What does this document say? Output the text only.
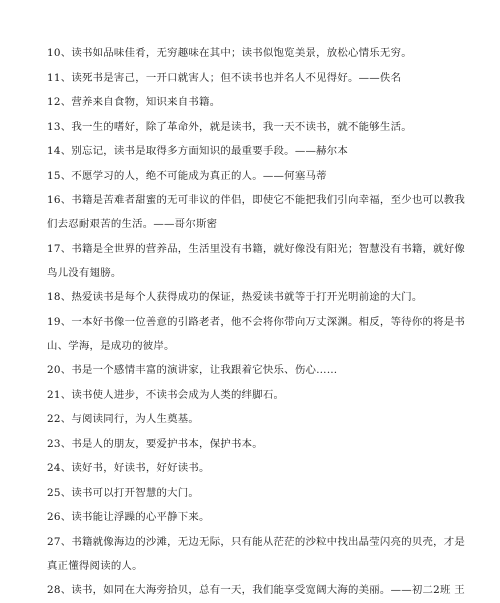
10、读书如品味佳肴，无穷趣味在其中；读书似饱览美景，放松心情乐无穷。
11、读死书是害己，一开口就害人；但不读书也并名人不见得好。——佚名
12、营养来自食物，知识来自书籍。
13、我一生的嗜好，除了革命外，就是读书，我一天不读书，就不能够生活。
14、别忘记，读书是取得多方面知识的最重要手段。——赫尔本
15、不愿学习的人，绝不可能成为真正的人。——何塞马蒂
16、书籍是苦难者甜蜜的无可非议的伴侣，即使它不能把我们引向幸福，至少也可以教我们去忍耐艰苦的生活。——哥尔斯密
17、书籍是全世界的营养品，生活里没有书籍，就好像没有阳光；智慧没有书籍，就好像鸟儿没有翅膀。
18、热爱读书是每个人获得成功的保证，热爱读书就等于打开光明前途的大门。
19、一本好书像一位善意的引路老者，他不会将你带向万丈深渊。相反，等待你的将是书山、学海，是成功的彼岸。
20、书是一个感情丰富的演讲家，让我跟着它快乐、伤心……
21、读书使人进步，不读书会成为人类的绊脚石。
22、与阅读同行，为人生奠基。
23、书是人的朋友，要爱护书本，保护书本。
24、读好书，好读书，好好读书。
25、读书可以打开智慧的大门。
26、读书能让浮躁的心平静下来。
27、书籍就像海边的沙滩，无边无际，只有能从茫茫的沙粒中找出晶莹闪亮的贝壳，才是真正懂得阅读的人。
28、读书，如同在大海旁拾贝，总有一天，我们能享受宽阔大海的美丽。——初二2班 王
